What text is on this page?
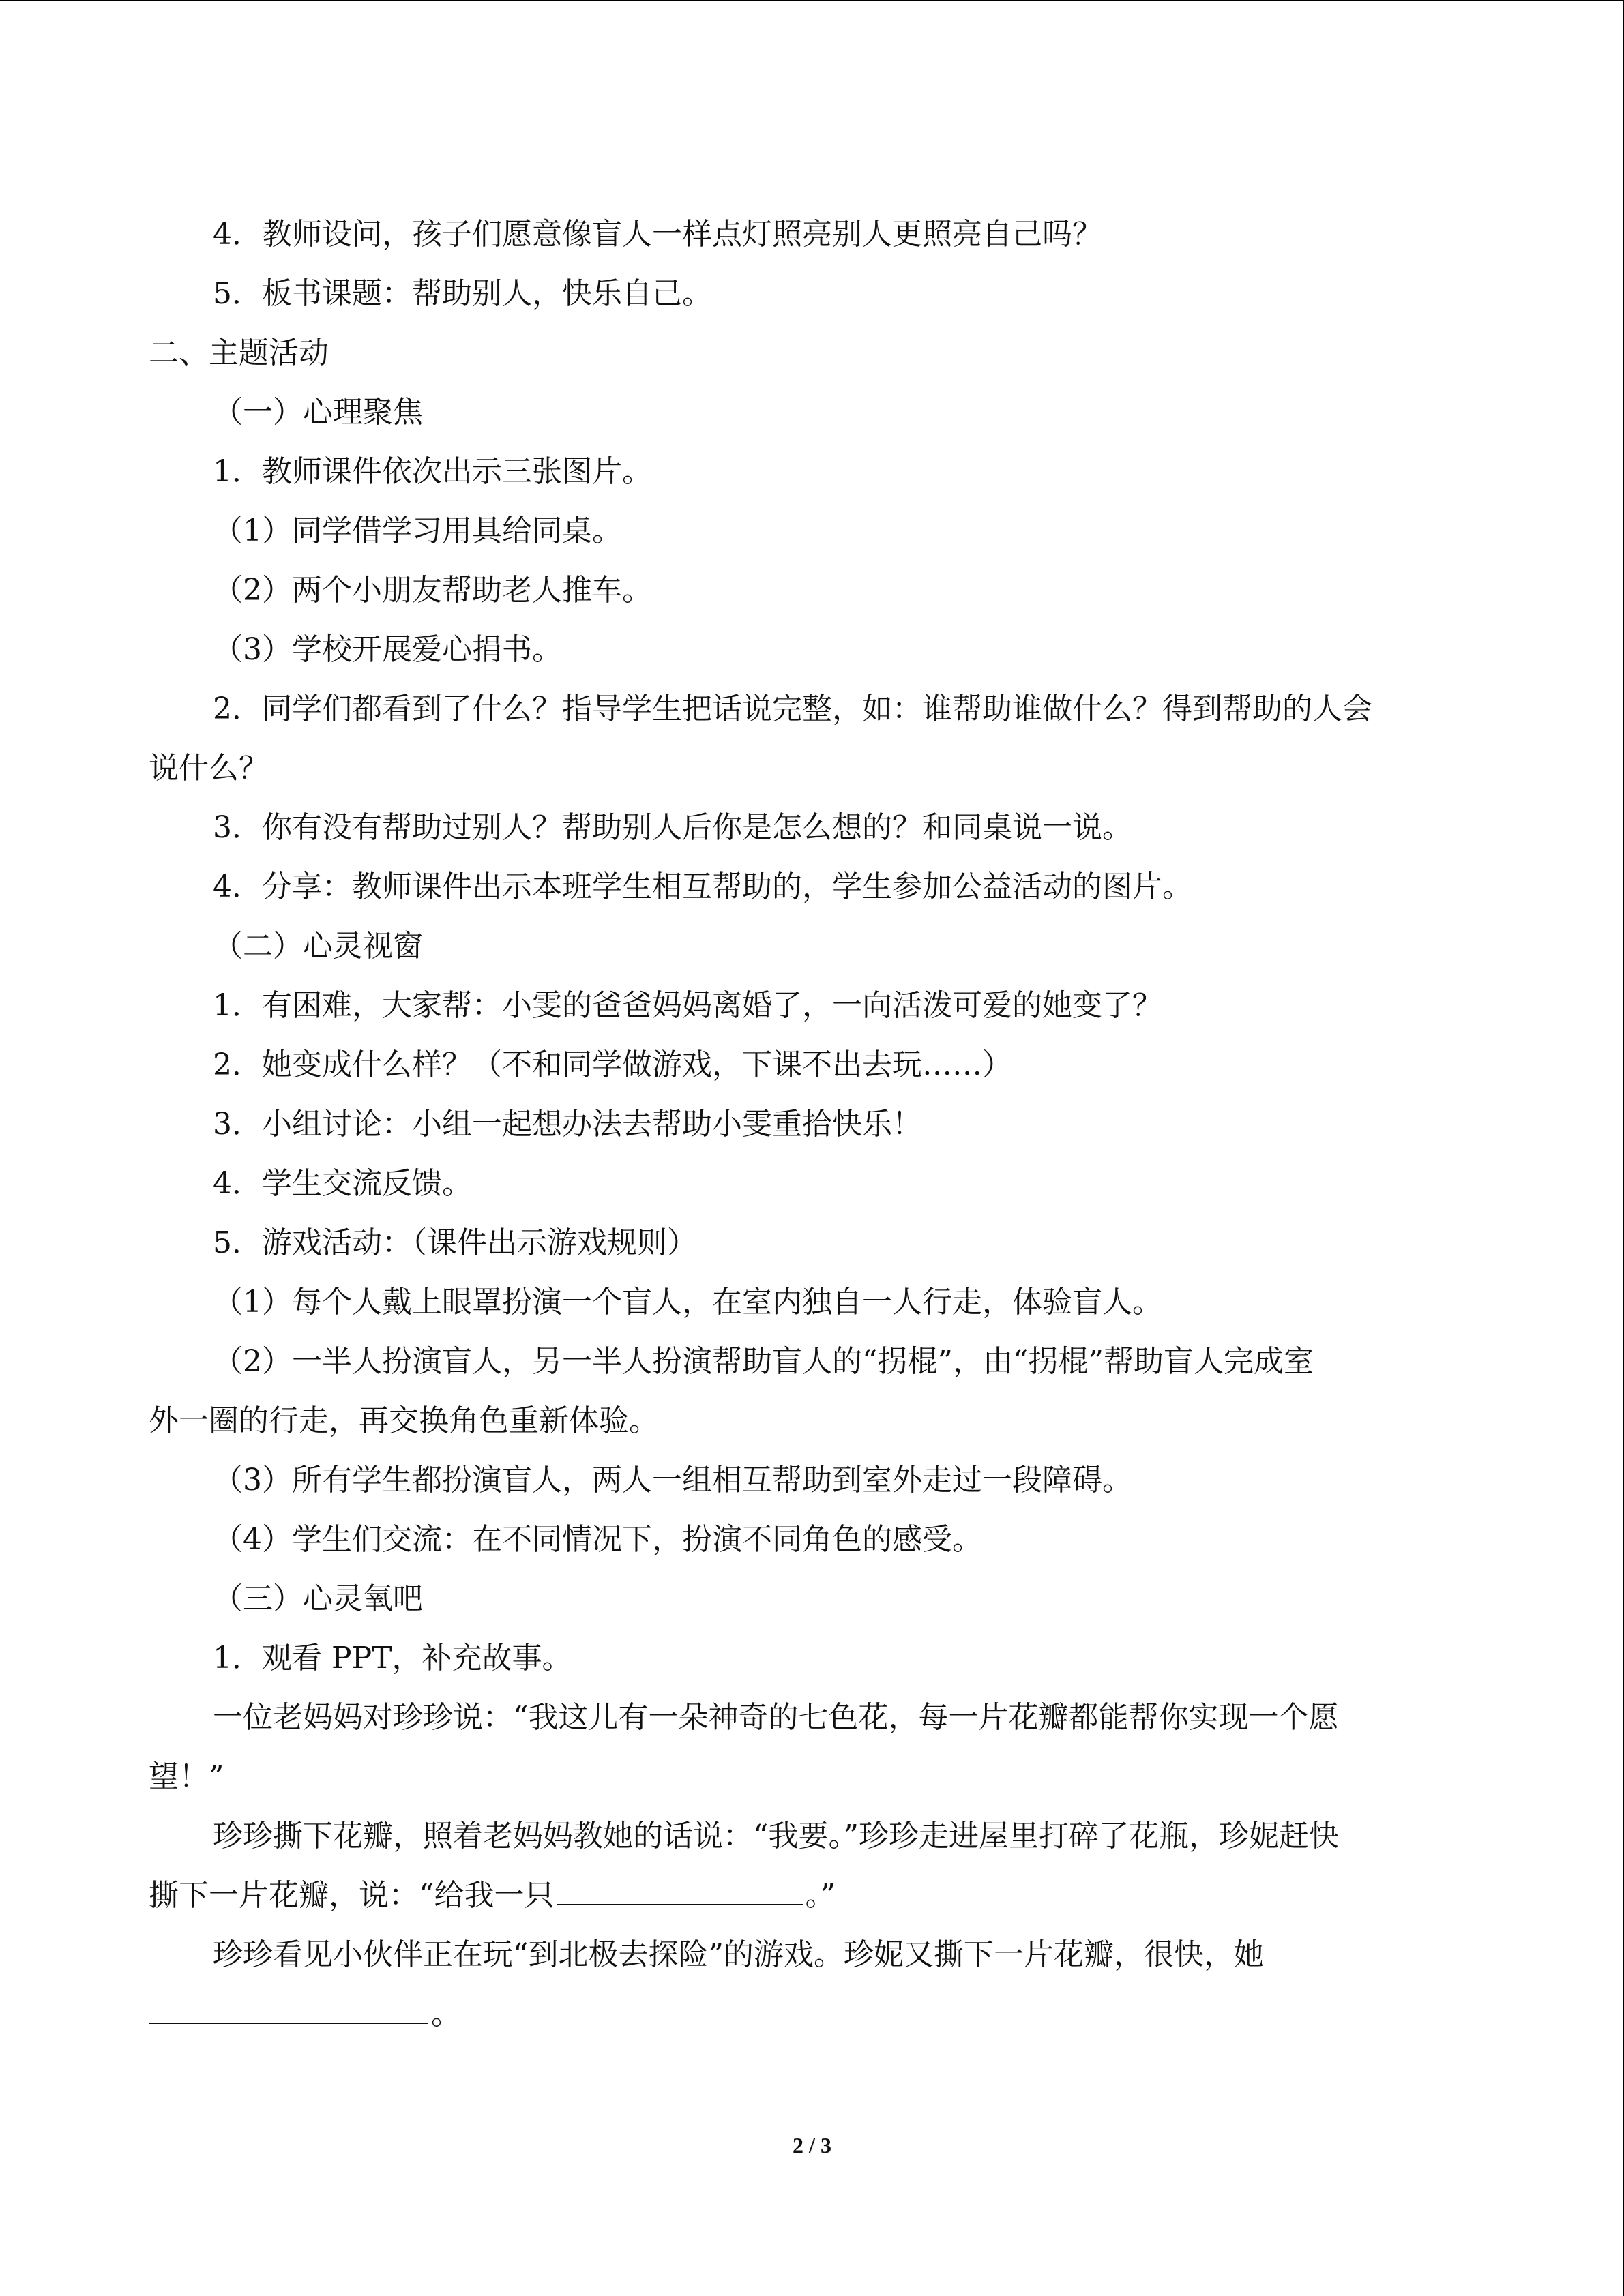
4．教师设问，孩子们愿意像盲人一样点灯照亮别人更照亮自己吗？
5．板书课题：帮助别人，快乐自己。
二、主题活动
（一）心理聚焦
1．教师课件依次出示三张图片。
（1）同学借学习用具给同桌。
（2）两个小朋友帮助老人推车。
（3）学校开展爱心捐书。
2．同学们都看到了什么？指导学生把话说完整，如：谁帮助谁做什么？得到帮助的人会
说什么？
3．你有没有帮助过别人？帮助别人后你是怎么想的？和同桌说一说。
4．分享：教师课件出示本班学生相互帮助的，学生参加公益活动的图片。
（二）心灵视窗
1．有困难，大家帮：小雯的爸爸妈妈离婚了，一向活泼可爱的她变了？
2．她变成什么样？（不和同学做游戏，下课不出去玩……）
3．小组讨论：小组一起想办法去帮助小雯重拾快乐！
4．学生交流反馈。
5．游戏活动：（课件出示游戏规则）
（1）每个人戴上眼罩扮演一个盲人，在室内独自一人行走，体验盲人。
（2）一半人扮演盲人，另一半人扮演帮助盲人的“拐棍”，由“拐棍”帮助盲人完成室
外一圈的行走，再交换角色重新体验。
（3）所有学生都扮演盲人，两人一组相互帮助到室外走过一段障碍。
（4）学生们交流：在不同情况下，扮演不同角色的感受。
（三）心灵氧吧
1．观看 PPT，补充故事。
一位老妈妈对珍珍说：“我这儿有一朵神奇的七色花，每一片花瓣都能帮你实现一个愿
望！”
珍珍撕下花瓣，照着老妈妈教她的话说：“我要。”珍珍走进屋里打碎了花瓶，珍妮赶快
撕下一片花瓣，说：“给我一只	。”
珍珍看见小伙伴正在玩“到北极去探险”的游戏。珍妮又撕下一片花瓣，很快，她
。
2 / 3
